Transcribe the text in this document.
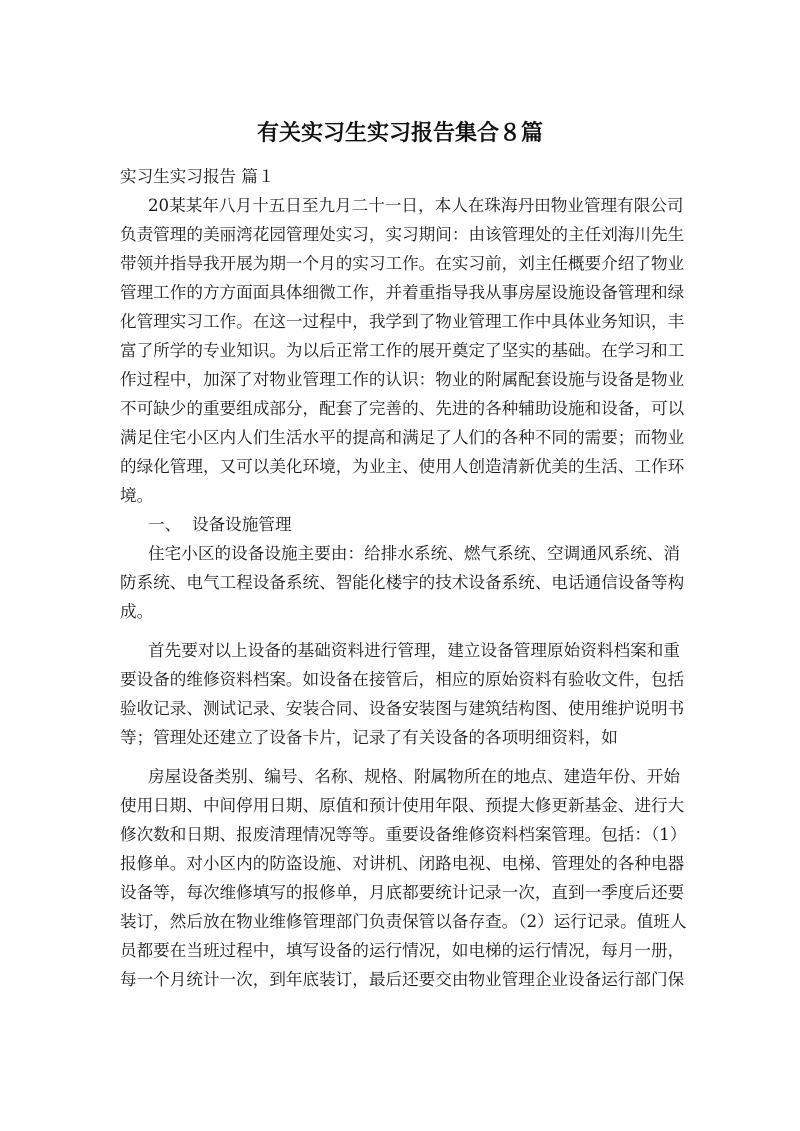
有关实习生实习报告集合８篇
实习生实习报告 篇１
20某某年八月十五日至九月二十一日，本人在珠海丹田物业管理有限公司
负责管理的美丽湾花园管理处实习，实习期间：由该管理处的主任刘海川先生
带领并指导我开展为期一个月的实习工作。在实习前，刘主任概要介绍了物业
管理工作的方方面面具体细微工作，并着重指导我从事房屋设施设备管理和绿
化管理实习工作。在这一过程中，我学到了物业管理工作中具体业务知识，丰
富了所学的专业知识。为以后正常工作的展开奠定了坚实的基础。在学习和工
作过程中，加深了对物业管理工作的认识：物业的附属配套设施与设备是物业
不可缺少的重要组成部分，配套了完善的、先进的各种辅助设施和设备，可以
满足住宅小区内人们生活水平的提高和满足了人们的各种不同的需要；而物业
的绿化管理，又可以美化环境，为业主、使用人创造清新优美的生活、工作环
境。
一、 设备设施管理
住宅小区的设备设施主要由：给排水系统、燃气系统、空调通风系统、消
防系统、电气工程设备系统、智能化楼宇的技术设备系统、电话通信设备等构
成。
首先要对以上设备的基础资料进行管理，建立设备管理原始资料档案和重
要设备的维修资料档案。如设备在接管后，相应的原始资料有验收文件，包括
验收记录、测试记录、安装合同、设备安装图与建筑结构图、使用维护说明书
等；管理处还建立了设备卡片，记录了有关设备的各项明细资料，如
房屋设备类别、编号、名称、规格、附属物所在的地点、建造年份、开始
使用日期、中间停用日期、原值和预计使用年限、预提大修更新基金、进行大
修次数和日期、报废清理情况等等。重要设备维修资料档案管理。包括：（1）
报修单。对小区内的防盗设施、对讲机、闭路电视、电梯、管理处的各种电器
设备等，每次维修填写的报修单，月底都要统计记录一次，直到一季度后还要
装订，然后放在物业维修管理部门负责保管以备存查。（2）运行记录。值班人
员都要在当班过程中，填写设备的运行情况，如电梯的运行情况，每月一册，
每一个月统计一次，到年底装订，最后还要交由物业管理企业设备运行部门保
